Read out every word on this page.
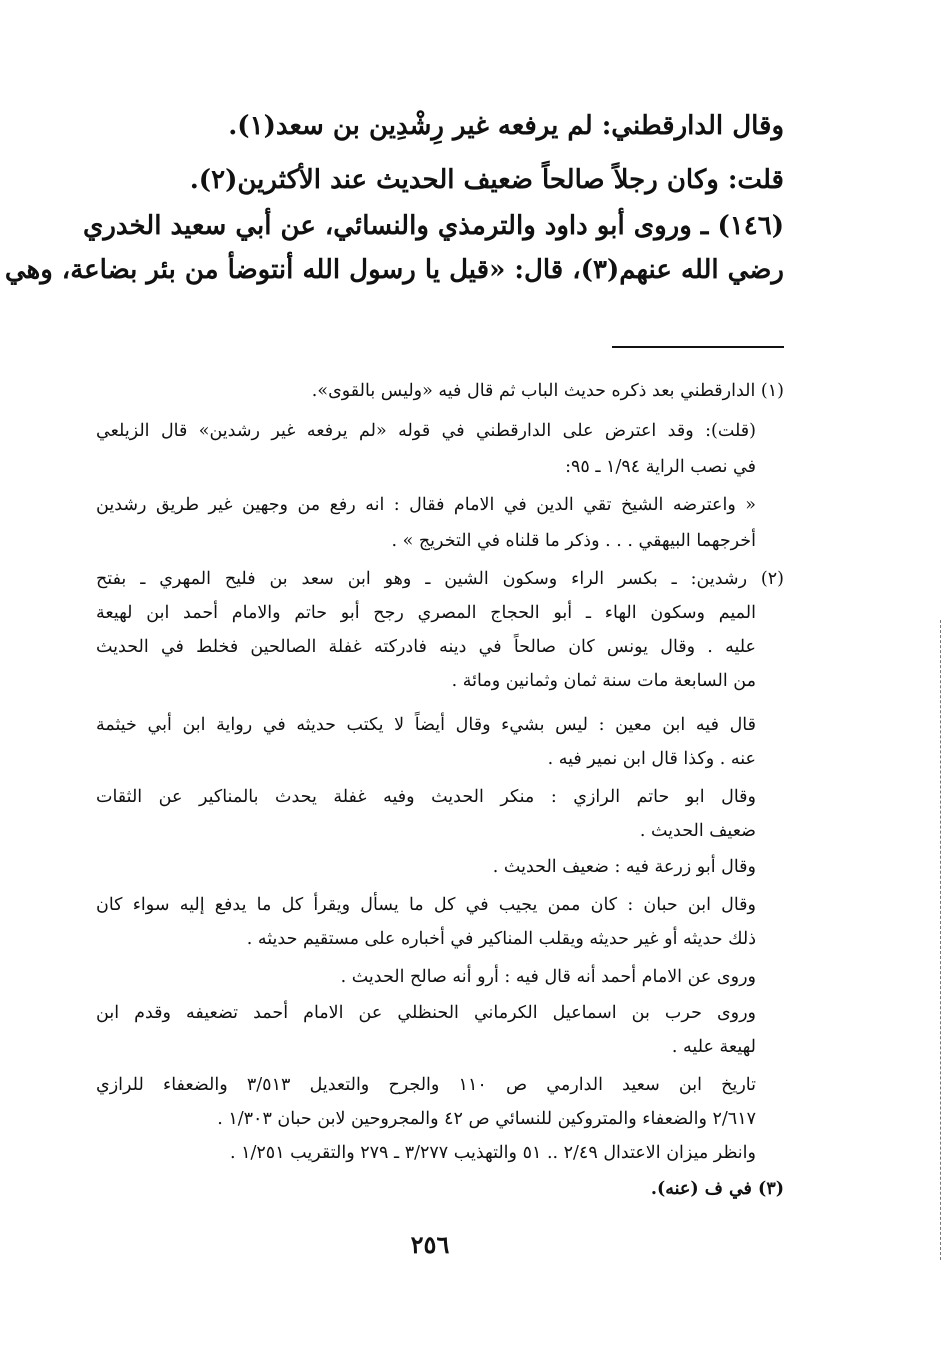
وقال الدارقطني: لم يرفعه غير رِشْدِين بن سعد(١).
قلت: وكان رجلاً صالحاً ضعيف الحديث عند الأكثرين(٢).
(١٤٦) ـ وروى أبو داود والترمذي والنسائي، عن أبي سعيد الخدري
رضي الله عنهم(٣)، قال: «قيل يا رسول الله أنتوضأ من بئر بضاعة، وهي
(١) الدارقطني بعد ذكره حديث الباب ثم قال فيه «وليس بالقوى».
(قلت): وقد اعترض على الدارقطني في قوله «لم يرفعه غير رشدين» قال الزيلعي
في نصب الراية ١/٩٤ ـ ٩٥:
« واعترضه الشيخ تقي الدين في الامام فقال : انه رفع من وجهين غير طريق رشدين
أخرجهما البيهقي . . . وذكر ما قلناه في التخريج » .
(٢) رشدين: ـ بكسر الراء وسكون الشين ـ وهو ابن سعد بن فليح المهري ـ بفتح
الميم وسكون الهاء ـ أبو الحجاج المصري رجح أبو حاتم والامام أحمد ابن لهيعة
عليه . وقال يونس كان صالحاً في دينه فادركته غفلة الصالحين فخلط في الحديث
من السابعة مات سنة ثمان وثمانين ومائة .
قال فيه ابن معين : ليس بشيء وقال أيضاً لا يكتب حديثه في رواية ابن أبي خيثمة
عنه . وكذا قال ابن نمير فيه .
وقال ابو حاتم الرازي : منكر الحديث وفيه غفلة يحدث بالمناكير عن الثقات
ضعيف الحديث .
وقال أبو زرعة فيه : ضعيف الحديث .
وقال ابن حبان : كان ممن يجيب في كل ما يسأل ويقرأ كل ما يدفع إليه سواء كان
ذلك حديثه أو غير حديثه ويقلب المناكير في أخباره على مستقيم حديثه .
وروى عن الامام أحمد أنه قال فيه : أرو أنه صالح الحديث .
وروى حرب بن اسماعيل الكرماني الحنظلي عن الامام أحمد تضعيفه وقدم ابن
لهيعة عليه .
تاريخ ابن سعيد الدارمي ص ١١٠ والجرح والتعديل ٣/٥١٣ والضعفاء للرازي
٢/٦١٧ والضعفاء والمتروكين للنسائي ص ٤٢ والمجروحين لابن حبان ١/٣٠٣ .
وانظر ميزان الاعتدال ٢/٤٩ .. ٥١ والتهذيب ٣/٢٧٧ ـ ٢٧٩ والتقريب ١/٢٥١ .
(٣) في ف (عنه).
٢٥٦
